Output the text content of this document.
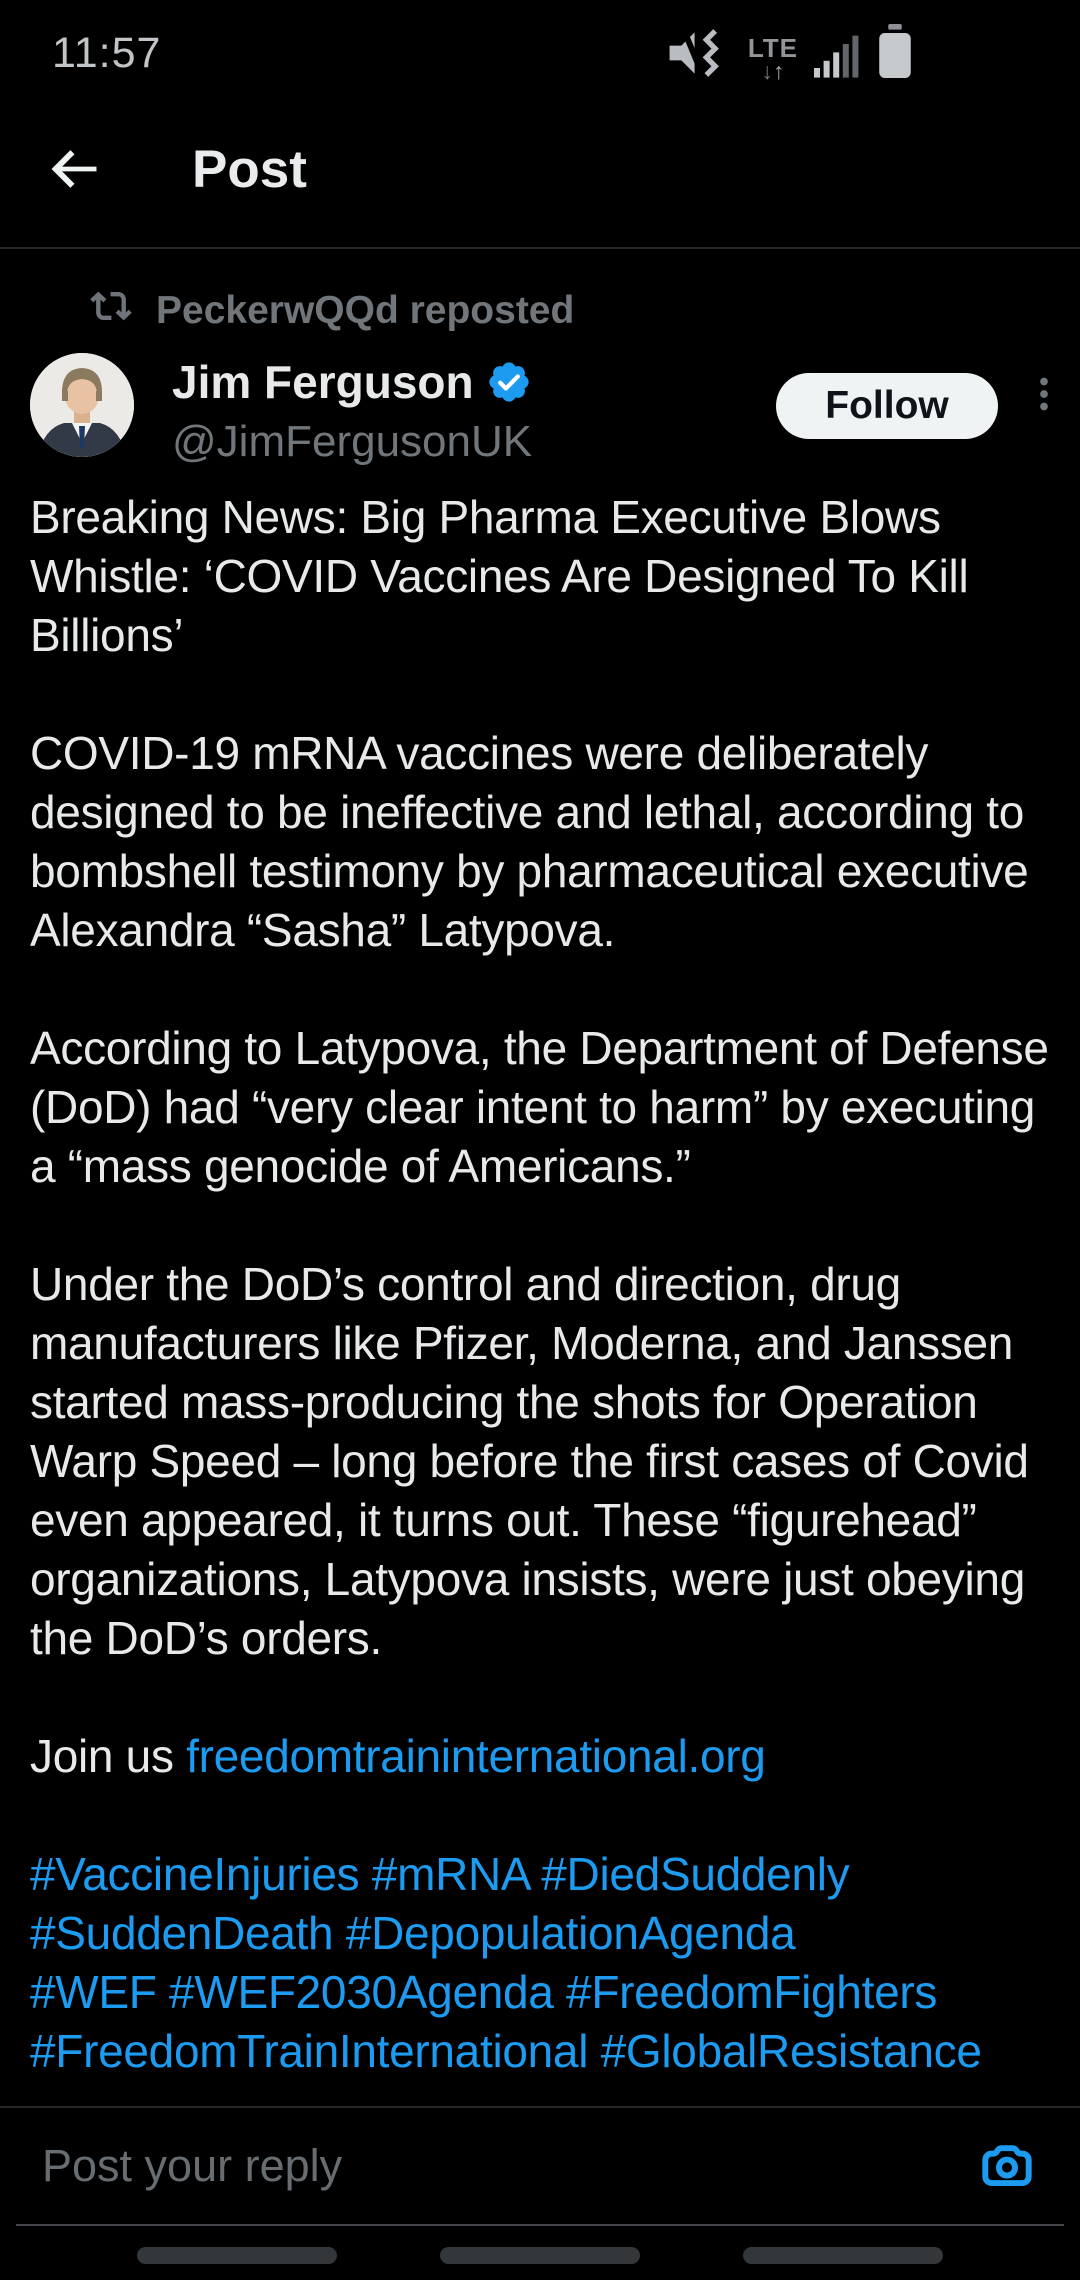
11:57	LTE
↓↑
Post
PeckerwQQd reposted
Jim Ferguson
@JimFergusonUK
Follow

Breaking News: Big Pharma Executive Blows Whistle: ‘COVID Vaccines Are Designed To Kill Billions’

COVID-19 mRNA vaccines were deliberately designed to be ineffective and lethal, according to bombshell testimony by pharmaceutical executive Alexandra “Sasha” Latypova.

According to Latypova, the Department of Defense (DoD) had “very clear intent to harm” by executing a “mass genocide of Americans.”

Under the DoD’s control and direction, drug manufacturers like Pfizer, Moderna, and Janssen started mass-producing the shots for Operation Warp Speed – long before the first cases of Covid even appeared, it turns out. These “figurehead” organizations, Latypova insists, were just obeying the DoD’s orders.

Join us freedomtraininternational.org

#VaccineInjuries #mRNA #DiedSuddenly
#SuddenDeath #DepopulationAgenda
#WEF #WEF2030Agenda #FreedomFighters
#FreedomTrainInternational #GlobalResistance

Post your reply
